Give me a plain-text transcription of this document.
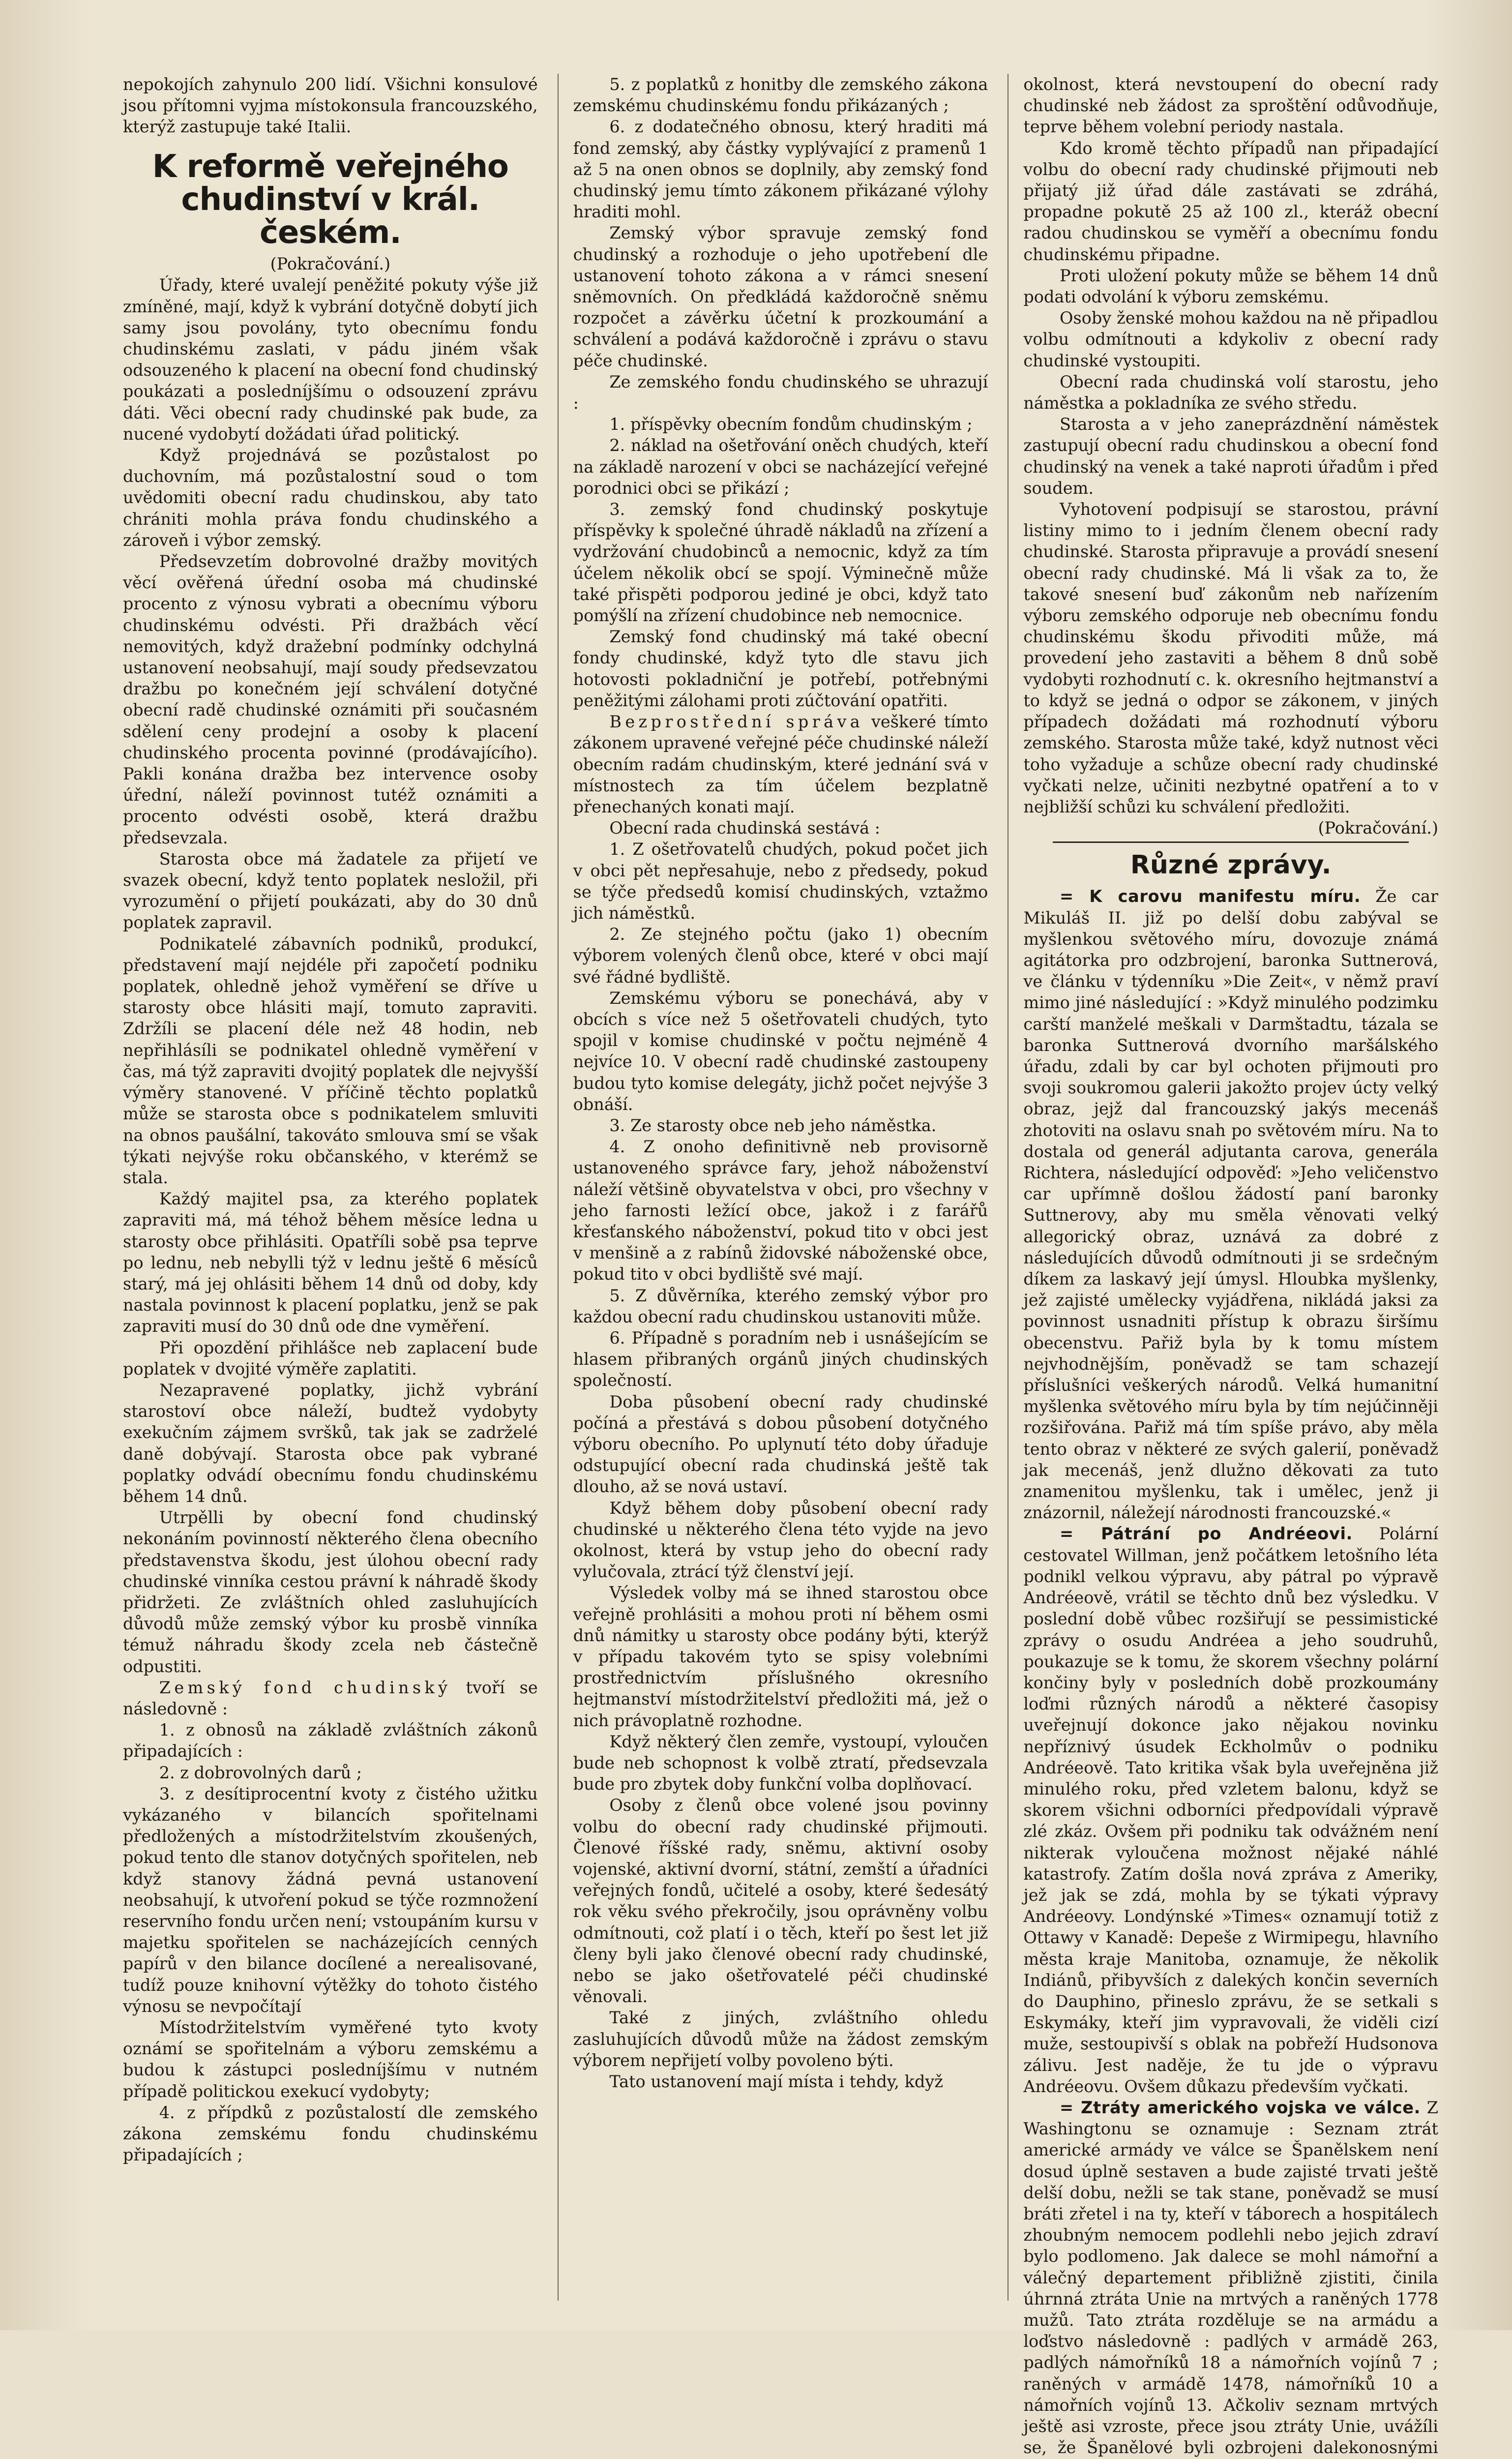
nepokojích zahynulo 200 lidí. Všichni konsulové jsou přítomni vyjma místokonsula francouzského, kterýž zastupuje také Italii.

K reformě veřejného chudinství v král. českém.

(Pokračování.)

Úřady, které uvalejí peněžité pokuty výše již zmíněné, mají, když k vybrání dotyčně dobytí jich samy jsou povolány, tyto obecnímu fondu chudinskému zaslati, v pádu jiném však odsouzeného k placení na obecní fond chudinský poukázati a posledníjšímu o odsouzení zprávu dáti. Věci obecní rady chudinské pak bude, za nucené vydobytí dožádati úřad politický.

Když projednává se pozůstalost po duchovním, má pozůstalostní soud o tom uvědomiti obecní radu chudinskou, aby tato chrániti mohla práva fondu chudinského a zároveň i výbor zemský.

Předsevzetím dobrovolné dražby movitých věcí ověřená úřední osoba má chudinské procento z výnosu vybrati a obecnímu výboru chudinskému odvésti. Při dražbách věcí nemovitých, když dražební podmínky odchylná ustanovení neobsahují, mají soudy předsevzatou dražbu po konečném její schválení dotyčné obecní radě chudinské oznámiti při současném sdělení ceny prodejní a osoby k placení chudinského procenta povinné (prodávajícího). Pakli konána dražba bez intervence osoby úřední, náleží povinnost tutéž oznámiti a procento odvésti osobě, která dražbu předsevzala.

Starosta obce má žadatele za přijetí ve svazek obecní, když tento poplatek nesložil, při vyrozumění o přijetí poukázati, aby do 30 dnů poplatek zapravil.

Podnikatelé zábavních podniků, produkcí, představení mají nejdéle při započetí podniku poplatek, ohledně jehož vyměření se dříve u starosty obce hlásiti mají, tomuto zapraviti. Zdržíli se placení déle než 48 hodin, neb nepřihlásíli se podnikatel ohledně vyměření v čas, má týž zapraviti dvojitý poplatek dle nejvyšší výměry stanovené. V příčině těchto poplatků může se starosta obce s podnikatelem smluviti na obnos paušální, takováto smlouva smí se však týkati nejvýše roku občanského, v kterémž se stala.

Každý majitel psa, za kterého poplatek zapraviti má, má téhož během měsíce ledna u starosty obce přihlásiti. Opatříli sobě psa teprve po lednu, neb nebylli týž v lednu ještě 6 měsíců starý, má jej ohlásiti během 14 dnů od doby, kdy nastala povinnost k placení poplatku, jenž se pak zapraviti musí do 30 dnů ode dne vyměření.

Při opozdění přihlášce neb zaplacení bude poplatek v dvojité výměře zaplatiti.

Nezapravené poplatky, jichž vybrání starostoví obce náleží, budtež vydobyty exekučním zájmem svršků, tak jak se zadrželé daně dobývají. Starosta obce pak vybrané poplatky odvádí obecnímu fondu chudinskému během 14 dnů.

Utrpělli by obecní fond chudinský nekonáním povinností některého člena obecního představenstva škodu, jest úlohou obecní rady chudinské vinníka cestou právní k náhradě škody přidržeti. Ze zvláštních ohled zasluhujících důvodů může zemský výbor ku prosbě vinníka témuž náhradu škody zcela neb částečně odpustiti.

Zemský fond chudinský tvoří se následovně :

1. z obnosů na základě zvláštních zákonů připadajících :

2. z dobrovolných darů ;

3. z desítiprocentní kvoty z čistého užitku vykázaného v bilancích spořitelnami předložených a místodržitelstvím zkoušených, pokud tento dle stanov dotyčných spořitelen, neb když stanovy žádná pevná ustanovení neobsahují, k utvoření pokud se týče rozmnožení reservního fondu určen není; vstoupáním kursu v majetku spořitelen se nacházejících cenných papírů v den bilance docílené a nerealisované, tudíž pouze knihovní výtěžky do tohoto čistého výnosu se nevpočítají

Místodržitelstvím vyměřené tyto kvoty oznámí se spořitelnám a výboru zemskému a budou k zástupci posledníjšímu v nutném případě politickou exekucí vydobyty;

4. z přípdků z pozůstalostí dle zemského zákona zemskému fondu chudinskému připadajících ;

5. z poplatků z honitby dle zemského zákona zemskému chudinskému fondu přikázaných ;

6. z dodatečného obnosu, který hraditi má fond zemský, aby částky vyplývající z pramenů 1 až 5 na onen obnos se doplnily, aby zemský fond chudinský jemu tímto zákonem přikázané výlohy hraditi mohl.

Zemský výbor spravuje zemský fond chudinský a rozhoduje o jeho upotřebení dle ustanovení tohoto zákona a v rámci snesení sněmovních. On předkládá každoročně sněmu rozpočet a závěrku účetní k prozkoumání a schválení a podává každoročně i zprávu o stavu péče chudinské.

Ze zemského fondu chudinského se uhrazují :

1. příspěvky obecním fondům chudinským ;

2. náklad na ošetřování oněch chudých, kteří na základě narození v obci se nacházející veřejné porodnici obci se přikází ;

3. zemský fond chudinský poskytuje příspěvky k společné úhradě nákladů na zřízení a vydržování chudobinců a nemocnic, když za tím účelem několik obcí se spojí. Výminečně může také přispěti podporou jediné je obci, když tato pomýšlí na zřízení chudobince neb nemocnice.

Zemský fond chudinský má také obecní fondy chudinské, když tyto dle stavu jich hotovosti pokladniční je potřebí, potřebnými peněžitými zálohami proti zúčtování opatřiti.

Bezprostřední správa veškeré tímto zákonem upravené veřejné péče chudinské náleží obecním radám chudinským, které jednání svá v místnostech za tím účelem bezplatně přenechaných konati mají.

Obecní rada chudinská sestává :

1. Z ošetřovatelů chudých, pokud počet jich v obci pět nepřesahuje, nebo z předsedy, pokud se týče předsedů komisí chudinských, vztažmo jich náměstků.

2. Ze stejného počtu (jako 1) obecním výborem volených členů obce, které v obci mají své řádné bydliště.

Zemskému výboru se ponechává, aby v obcích s více než 5 ošetřovateli chudých, tyto spojil v komise chudinské v počtu nejméně 4 nejvíce 10. V obecní radě chudinské zastoupeny budou tyto komise delegáty, jichž počet nejvýše 3 obnáší.

3. Ze starosty obce neb jeho náměstka.

4. Z onoho definitivně neb provisorně ustanoveného správce fary, jehož náboženství náleží většině obyvatelstva v obci, pro všechny v jeho farnosti ležící obce, jakož i z farářů křesťanského náboženství, pokud tito v obci jest v menšině a z rabínů židovské náboženské obce, pokud tito v obci bydliště své mají.

5. Z důvěrníka, kterého zemský výbor pro každou obecní radu chudinskou ustanoviti může.

6. Případně s poradním neb i usnášejícím se hlasem přibraných orgánů jiných chudinských společností.

Doba působení obecní rady chudinské počíná a přestává s dobou působení dotyčného výboru obecního. Po uplynutí této doby úřaduje odstupující obecní rada chudinská ještě tak dlouho, až se nová ustaví.

Když během doby působení obecní rady chudinské u některého člena této vyjde na jevo okolnost, která by vstup jeho do obecní rady vylučovala, ztrácí týž členství její.

Výsledek volby má se ihned starostou obce veřejně prohlásiti a mohou proti ní během osmi dnů námitky u starosty obce podány býti, kterýž v případu takovém tyto se spisy volebními prostřednictvím příslušného okresního hejtmanství místodržitelství předložiti má, jež o nich právoplatně rozhodne.

Když některý člen zemře, vystoupí, vyloučen bude neb schopnost k volbě ztratí, předsevzala bude pro zbytek doby funkční volba doplňovací.

Osoby z členů obce volené jsou povinny volbu do obecní rady chudinské přijmouti. Členové říšské rady, sněmu, aktivní osoby vojenské, aktivní dvorní, státní, zemští a úřadníci veřejných fondů, učitelé a osoby, které šedesátý rok věku svého překročily, jsou oprávněny volbu odmítnouti, což platí i o těch, kteří po šest let již členy byli jako členové obecní rady chudinské, nebo se jako ošetřovatelé péči chudinské věnovali.

Také z jiných, zvláštního ohledu zasluhujících důvodů může na žádost zemským výborem nepřijetí volby povoleno býti.

Tato ustanovení mají místa i tehdy, když

okolnost, která nevstoupení do obecní rady chudinské neb žádost za sproštění odůvodňuje, teprve během volební periody nastala.

Kdo kromě těchto případů nan připadající volbu do obecní rady chudinské přijmouti neb přijatý již úřad dále zastávati se zdráhá, propadne pokutě 25 až 100 zl., kteráž obecní radou chudinskou se vyměří a obecnímu fondu chudinskému připadne.

Proti uložení pokuty může se během 14 dnů podati odvolání k výboru zemskému.

Osoby ženské mohou každou na ně připadlou volbu odmítnouti a kdykoliv z obecní rady chudinské vystoupiti.

Obecní rada chudinská volí starostu, jeho náměstka a pokladníka ze svého středu.

Starosta a v jeho zaneprázdnění náměstek zastupují obecní radu chudinskou a obecní fond chudinský na venek a také naproti úřadům i před soudem.

Vyhotovení podpisují se starostou, právní listiny mimo to i jedním členem obecní rady chudinské. Starosta připravuje a provádí snesení obecní rady chudinské. Má li však za to, že takové snesení buď zákonům neb nařízením výboru zemského odporuje neb obecnímu fondu chudinskému škodu přivoditi může, má provedení jeho zastaviti a během 8 dnů sobě vydobyti rozhodnutí c. k. okresního hejtmanství a to když se jedná o odpor se zákonem, v jiných případech dožádati má rozhodnutí výboru zemského. Starosta může také, když nutnost věci toho vyžaduje a schůze obecní rady chudinské vyčkati nelze, učiniti nezbytné opatření a to v nejbližší schůzi ku schválení předložiti.

(Pokračování.)

Různé zprávy.

= K carovu manifestu míru. Že car Mikuláš II. již po delší dobu zabýval se myšlenkou světového míru, dovozuje známá agitátorka pro odzbrojení, baronka Suttnerová, ve článku v týdenníku »Die Zeit«, v němž praví mimo jiné následující : »Když minulého podzimku carští manželé meškali v Darmštadtu, tázala se baronka Suttnerová dvorního maršálského úřadu, zdali by car byl ochoten přijmouti pro svoji soukromou galerii jakožto projev úcty velký obraz, jejž dal francouzský jakýs mecenáš zhotoviti na oslavu snah po světovém míru. Na to dostala od generál adjutanta carova, generála Richtera, následující odpověď: »Jeho veličenstvo car upřímně došlou žádostí paní baronky Suttnerovy, aby mu směla věnovati velký allegorický obraz, uznává za dobré z následujících důvodů odmítnouti ji se srdečným díkem za laskavý její úmysl. Hloubka myšlenky, jež zajisté umělecky vyjádřena, nikládá jaksi za povinnost usnadniti přístup k obrazu širšímu obecenstvu. Pařiž byla by k tomu místem nejvhodnějším, poněvadž se tam schazejí příslušníci veškerých národů. Velká humanitní myšlenka světového míru byla by tím nejúčinněji rozšiřována. Pařiž má tím spíše právo, aby měla tento obraz v některé ze svých galerií, poněvadž jak mecenáš, jenž dlužno děkovati za tuto znamenitou myšlenku, tak i umělec, jenž ji znázornil, náležejí národnosti francouzské.«

= Pátrání po Andréeovi. Polární cestovatel Willman, jenž počátkem letošního léta podnikl velkou výpravu, aby pátral po výpravě Andréeově, vrátil se těchto dnů bez výsledku. V poslední době vůbec rozšiřují se pessimistické zprávy o osudu Andréea a jeho soudruhů, poukazuje se k tomu, že skorem všechny polární končiny byly v posledních době prozkoumány loďmi různých národů a některé časopisy uveřejnují dokonce jako nějakou novinku nepříznivý úsudek Eckholmův o podniku Andréeově. Tato kritika však byla uveřejněna již minulého roku, před vzletem balonu, když se skorem všichni odborníci předpovídali výpravě zlé zkáz. Ovšem při podniku tak odvážném není nikterak vyloučena možnost nějaké náhlé katastrofy. Zatím došla nová zpráva z Ameriky, jež jak se zdá, mohla by se týkati výpravy Andréeovy. Londýnské »Times« oznamují totiž z Ottawy v Kanadě: Depeše z Wirmipegu, hlavního města kraje Manitoba, oznamuje, že několik Indiánů, přibyvších z dalekých končin severních do Dauphino, přineslo zprávu, že se setkali s Eskymáky, kteří jim vypravovali, že viděli cizí muže, sestoupivší s oblak na pobřeží Hudsonova zálivu. Jest naděje, že tu jde o výpravu Andréeovu. Ovšem důkazu především vyčkati.

= Ztráty amerického vojska ve válce. Z Washingtonu se oznamuje : Seznam ztrát americké armády ve válce se Španělskem není dosud úplně sestaven a bude zajisté trvati ještě delší dobu, nežli se tak stane, poněvadž se musí bráti zřetel i na ty, kteří v táborech a hospitálech zhoubným nemocem podlehli nebo jejich zdraví bylo podlomeno. Jak dalece se mohl námořní a válečný departement přibližně zjistiti, činila úhrnná ztráta Unie na mrtvých a raněných 1778 mužů. Tato ztráta rozděluje se na armádu a loďstvo následovně : padlých v armádě 263, padlých námořníků 18 a námořních vojínů 7 ; raněných v armádě 1478, námořníků 10 a námořních vojínů 13. Ačkoliv seznam mrtvých ještě asi vzroste, přece jsou ztráty Unie, uvážíli se, že Španělové byli ozbrojeni dalekonosnými
